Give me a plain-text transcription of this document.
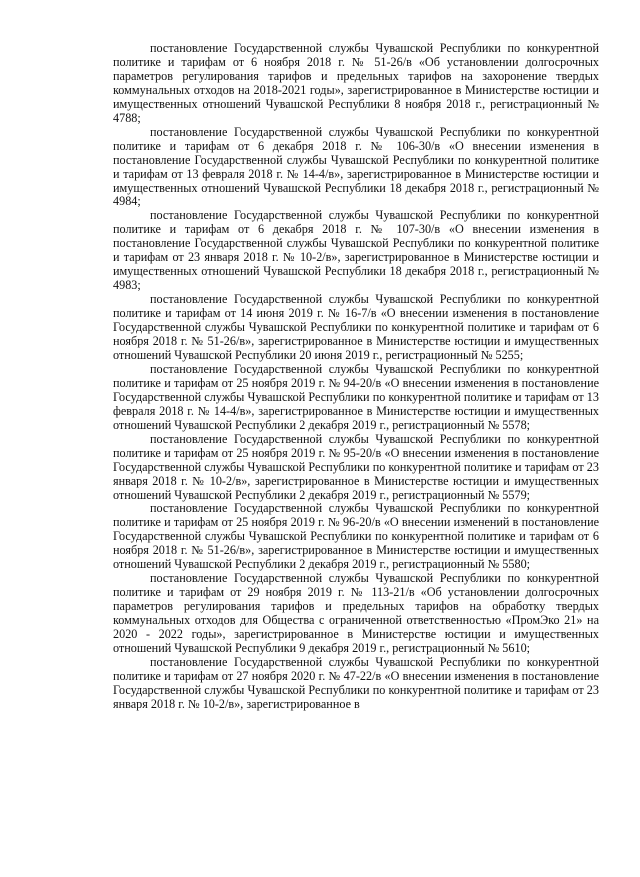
постановление Государственной службы Чувашской Республики по конкурентной политике и тарифам от 6 ноября 2018 г. № 51-26/в «Об установлении долгосрочных параметров регулирования тарифов и предельных тарифов на захоронение твердых коммунальных отходов на 2018-2021 годы», зарегистрированное в Министерстве юстиции и имущественных отношений Чувашской Республики 8 ноября 2018 г., регистрационный № 4788;

постановление Государственной службы Чувашской Республики по конкурентной политике и тарифам от 6 декабря 2018 г. № 106-30/в «О внесении изменения в постановление Государственной службы Чувашской Республики по конкурентной политике и тарифам от 13 февраля 2018 г. № 14-4/в», зарегистрированное в Министерстве юстиции и имущественных отношений Чувашской Республики 18 декабря 2018 г., регистрационный № 4984;

постановление Государственной службы Чувашской Республики по конкурентной политике и тарифам от 6 декабря 2018 г. № 107-30/в «О внесении изменения в постановление Государственной службы Чувашской Республики по конкурентной политике и тарифам от 23 января 2018 г. № 10-2/в», зарегистрированное в Министерстве юстиции и имущественных отношений Чувашской Республики 18 декабря 2018 г., регистрационный № 4983;

постановление Государственной службы Чувашской Республики по конкурентной политике и тарифам от 14 июня 2019 г. № 16-7/в «О внесении изменения в постановление Государственной службы Чувашской Республики по конкурентной политике и тарифам от 6 ноября 2018 г. № 51-26/в», зарегистрированное в Министерстве юстиции и имущественных отношений Чувашской Республики 20 июня 2019 г., регистрационный № 5255;

постановление Государственной службы Чувашской Республики по конкурентной политике и тарифам от 25 ноября 2019 г. № 94-20/в «О внесении изменения в постановление Государственной службы Чувашской Республики по конкурентной политике и тарифам от 13 февраля 2018 г. № 14-4/в», зарегистрированное в Министерстве юстиции и имущественных отношений Чувашской Республики 2 декабря 2019 г., регистрационный № 5578;

постановление Государственной службы Чувашской Республики по конкурентной политике и тарифам от 25 ноября 2019 г. № 95-20/в «О внесении изменения в постановление Государственной службы Чувашской Республики по конкурентной политике и тарифам от 23 января 2018 г. № 10-2/в», зарегистрированное в Министерстве юстиции и имущественных отношений Чувашской Республики 2 декабря 2019 г., регистрационный № 5579;

постановление Государственной службы Чувашской Республики по конкурентной политике и тарифам от 25 ноября 2019 г. № 96-20/в «О внесении изменений в постановление Государственной службы Чувашской Республики по конкурентной политике и тарифам от 6 ноября 2018 г. № 51-26/в», зарегистрированное в Министерстве юстиции и имущественных отношений Чувашской Республики 2 декабря 2019 г., регистрационный № 5580;

постановление Государственной службы Чувашской Республики по конкурентной политике и тарифам от 29 ноября 2019 г. № 113-21/в «Об установлении долгосрочных параметров регулирования тарифов и предельных тарифов на обработку твердых коммунальных отходов для Общества с ограниченной ответственностью «ПромЭко 21» на 2020 - 2022 годы», зарегистрированное в Министерстве юстиции и имущественных отношений Чувашской Республики 9 декабря 2019 г., регистрационный № 5610;

постановление Государственной службы Чувашской Республики по конкурентной политике и тарифам от 27 ноября 2020 г. № 47-22/в «О внесении изменения в постановление Государственной службы Чувашской Республики по конкурентной политике и тарифам от 23 января 2018 г. № 10-2/в», зарегистрированное в
